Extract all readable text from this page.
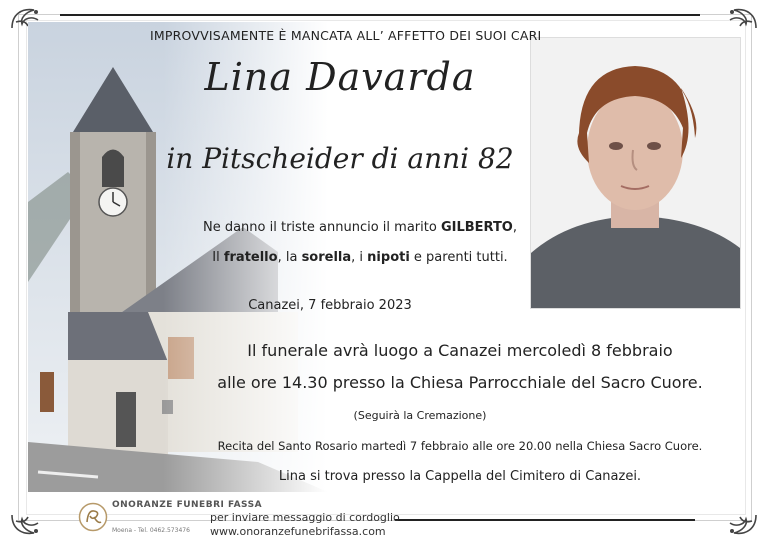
IMPROVVISAMENTE È MANCATA ALL’ AFFETTO DEI SUOI CARI
Lina Davarda
in Pitscheider di anni 82
Ne danno il triste annuncio il marito GILBERTO,
Il fratello, la sorella, i nipoti e parenti tutti.
Canazei, 7 febbraio 2023
Il funerale avrà luogo a Canazei mercoledì 8 febbraio
alle ore 14.30 presso la Chiesa Parrocchiale del Sacro Cuore.
(Seguirà la Cremazione)
Recita del Santo Rosario martedì 7 febbraio alle ore 20.00 nella Chiesa Sacro Cuore.
Lina si trova presso la Cappella del Cimitero di Canazei.
ONORANZE FUNEBRI FASSA
Moena - Tel. 0462.573476
per inviare messaggio di cordoglio
www.onoranzefunebrifassa.com
